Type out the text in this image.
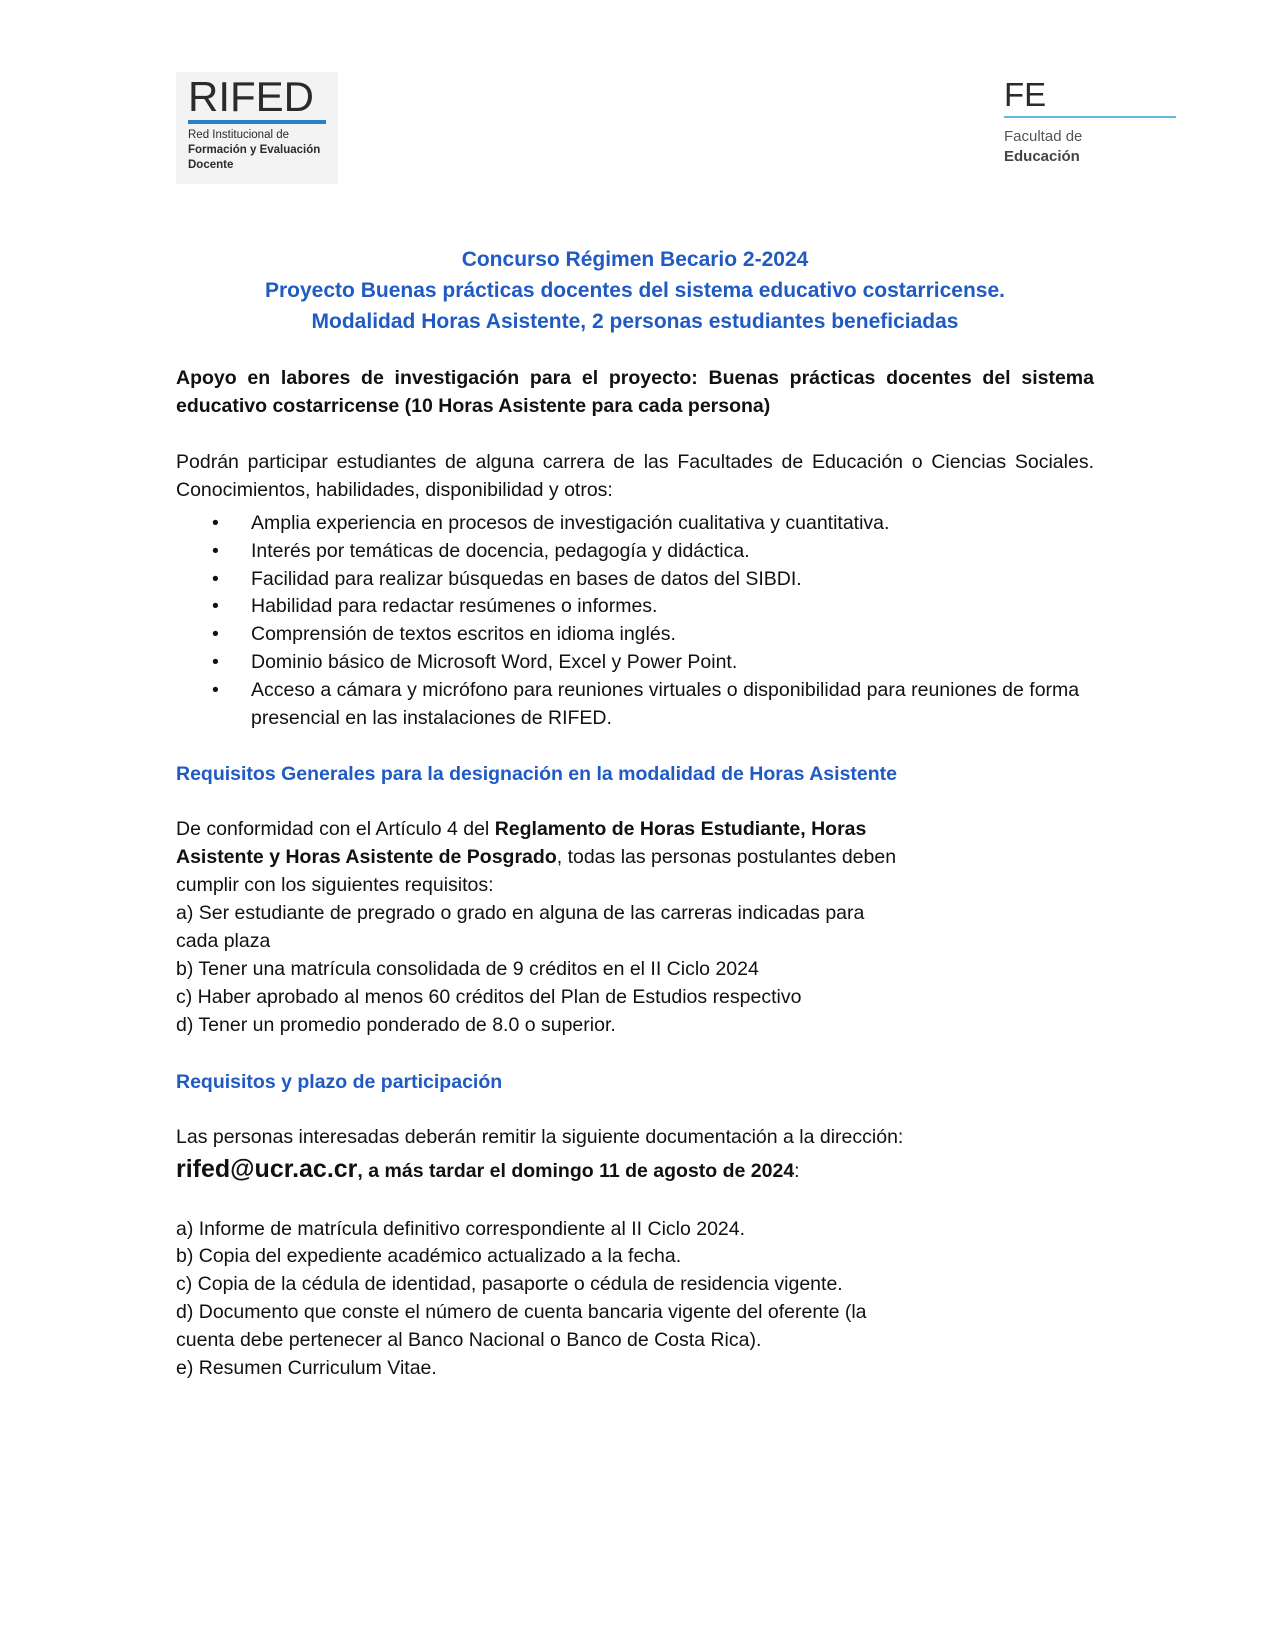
RIFED
Red Institucional de
Formación y Evaluación
Docente
FE
Facultad de
Educación
Concurso Régimen Becario 2-2024
Proyecto Buenas prácticas docentes del sistema educativo costarricense.
Modalidad Horas Asistente, 2 personas estudiantes beneficiadas
Apoyo en labores de investigación para el proyecto: Buenas prácticas docentes del sistema educativo costarricense (10 Horas Asistente para cada persona)
Podrán participar estudiantes de alguna carrera de las Facultades de Educación o Ciencias Sociales. Conocimientos, habilidades, disponibilidad y otros:
• Amplia experiencia en procesos de investigación cualitativa y cuantitativa.
• Interés por temáticas de docencia, pedagogía y didáctica.
• Facilidad para realizar búsquedas en bases de datos del SIBDI.
• Habilidad para redactar resúmenes o informes.
• Comprensión de textos escritos en idioma inglés.
• Dominio básico de Microsoft Word, Excel y Power Point.
• Acceso a cámara y micrófono para reuniones virtuales o disponibilidad para reuniones de forma presencial en las instalaciones de RIFED.
Requisitos Generales para la designación en la modalidad de Horas Asistente
De conformidad con el Artículo 4 del Reglamento de Horas Estudiante, Horas
Asistente y Horas Asistente de Posgrado, todas las personas postulantes deben
cumplir con los siguientes requisitos:
a) Ser estudiante de pregrado o grado en alguna de las carreras indicadas para
cada plaza
b) Tener una matrícula consolidada de 9 créditos en el II Ciclo 2024
c) Haber aprobado al menos 60 créditos del Plan de Estudios respectivo
d) Tener un promedio ponderado de 8.0 o superior.
Requisitos y plazo de participación
Las personas interesadas deberán remitir la siguiente documentación a la dirección:
rifed@ucr.ac.cr, a más tardar el domingo 11 de agosto de 2024:
a) Informe de matrícula definitivo correspondiente al II Ciclo 2024.
b) Copia del expediente académico actualizado a la fecha.
c) Copia de la cédula de identidad, pasaporte o cédula de residencia vigente.
d) Documento que conste el número de cuenta bancaria vigente del oferente (la
cuenta debe pertenecer al Banco Nacional o Banco de Costa Rica).
e) Resumen Curriculum Vitae.
